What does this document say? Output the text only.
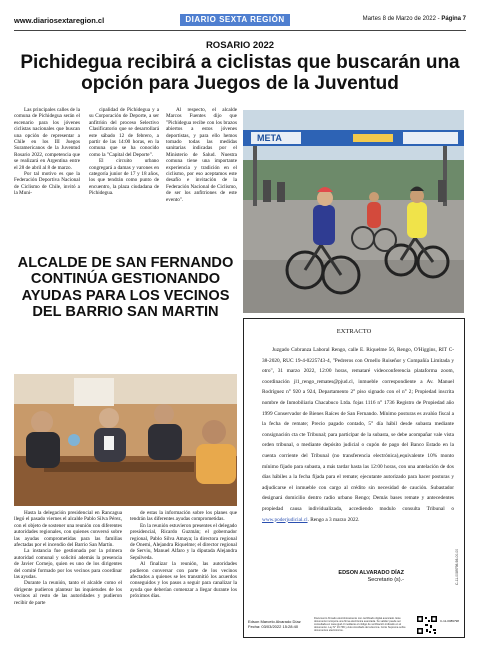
www.diariosextaregion.cl	DIARIO SEXTA REGIÓN	Martes 8 de Marzo de 2022 - Página 7
ROSARIO 2022
Pichidegua recibirá a ciclistas que buscarán una opción para Juegos de la Juventud

Las principales calles de la comuna de Pichidegua serán el escenario para los jóvenes ciclistas nacionales que buscan una opción de representar a Chile en los III Juegos Suramericanos de la Juventud Rosario 2022, competencia que se realizará en Argentina entre el 28 de abril al 8 de marzo.

Por tal motivo es que la Federación Deportiva Nacional de Ciclismo de Chile, invitó a la Muni-

cipalidad de Pichidegua y a su Corporación de Deporte, a ser anfitrión del proceso Selectivo Clasificatorio que se desarrollará este sábado 12 de febrero, a partir de las 14:00 horas, en la comuna que se ha conocido como la "Capital del Deporte".

El circuito urbano congregará a damas y varones en categoría junior de 17 y 18 años, los que tendrán como punto de encuentro, la plaza ciudadana de Pichidegua.

Al respecto, el alcalde Marcos Fuentes dijo que "Pichidegua recibe con los brazos abiertos a estos jóvenes deportistas, y para ello hemos tomado todas las medidas sanitarias indicadas por el Ministerio de Salud. Nuestra comuna tiene una importante experiencia y tradición en el ciclismo, por eso aceptamos este desafío e invitación de la Federación Nacional de Ciclismo, de ser los anfitriones de este evento".

META
ALCALDE DE SAN FERNANDO CONTINÚA GESTIONANDO AYUDAS PARA LOS VECINOS DEL BARRIO SAN MARTIN

Hasta la delegación presidencial en Rancagua llegó el pasado viernes el alcalde Pablo Silva Pérez, con el objeto de sostener una reunión con diferentes autoridades regionales, con quienes conversó sobre las ayudas comprometidas para las familias afectadas por el incendio del Barrio San Martín.

La instancia fue gestionada por la primera autoridad comunal y solicitó además la presencia de Javier Cornejo, quien es uno de los dirigentes del comité formado por los vecinos para coordinar las ayudas.

Durante la reunión, tanto el alcalde como el dirigente pudieron plantear las inquietudes de los vecinos al resto de las autoridades y pudieron recibir de parte

de estas la información sobre los planes que tendrán las diferentes ayudas comprometidas.

En la reunión estuvieron presentes el delegado presidencial, Ricardo Guzmán; el gobernador regional, Pablo Silva Amaya; la directora regional de Onemi, Alejandra Riquelme; el director regional de Serviu, Manuel Alfaro y la diputada Alejandra Sepúlveda.

Al finalizar la reunión, las autoridades pudieron conversar con parte de los vecinos afectados a quienes se les transmitió los acuerdos conseguidos y los pasos a seguir para canalizar la ayuda que deberían comenzar a llegar durante los próximos días.

EXTRACTO
Juzgado Cobranza Laboral Rengo, calle E. Riquelme 56, Rengo, O'Higgins, RIT C-38-2020, RUC 19-4-0225743-4, "Pedreros con Ornello Ruiseñor y Compañía Limitada y otro", 31 marzo 2022, 12:00 horas, remataré videoconferencia plataforma zoom, coordinación jl1_rengo_remates@pjud.cl, inmueble correspondiente a Av. Manuel Rodríguez n° 920 a 924, Departamento 2° piso signado con el n° 2; Propiedad inscrita nombre de Inmobiliaria Chacabuco Ltda. fojas 1116 n° 1736 Registro de Propiedad año 1999 Conservador de Bienes Raíces de San Fernando. Mínimo posturas es avalúo fiscal a la fecha de remate; Precio pagado contado, 5° día hábil desde subasta mediante consignación cta cte Tribunal; para participar de la subasta, se debe acompañar vale vista orden tribunal, o mediante depósito judicial o cupón de pago del Banco Estado en la cuenta corriente del Tribunal (no transferencia electrónica),equivalente 10% monto mínimo fijado para subasta, a más tardar hasta las 12:00 horas, con una antelación de dos días hábiles a la fecha fijada para el remate; ejecutante autorizado para hacer posturas y adjudicarse el inmueble con cargo al crédito sin necesidad de caución. Subastador designará domicilio dentro radio urbano Rengo; Demás bases remate y antecedentes propiedad causa individualizada, accediendo modulo consulta Tribunal o www.poderjudicial.cl. Rengo a 3 marzo 2022.
EDSON ALVARADO DÍAZ
Secretario (s).-	C-11-0089798-98-00-00
Edson Marcelo Alvarado Díaz
Fecha: 03/03/2022 15:28:40
Documento firmado electrónicamente con certificado digital avanzado. Este documento incorpora una firma electrónica avanzada. Su validez puede ser consultada en www.pjud.cl mediante el código de verificación indicado en el documento. Ley N° 19.799 y Auto Acordado de la Excma. Corte Suprema sobre documentos electrónicos.
C-11-0089798
